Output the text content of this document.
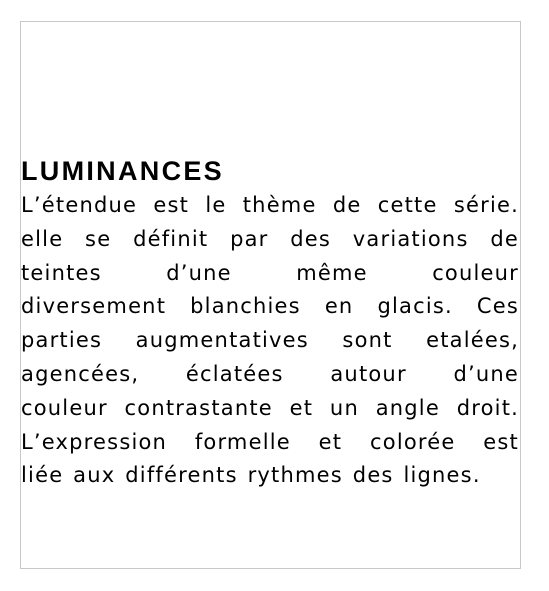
LUMINANCES

L’étendue est le thème de cette série.
elle se définit par des variations de
teintes d’une même couleur
diversement blanchies en glacis. Ces
parties augmentatives sont etalées,
agencées, éclatées autour d’une
couleur contrastante et un angle droit.
L’expression formelle et colorée est
liée aux différents rythmes des lignes.
